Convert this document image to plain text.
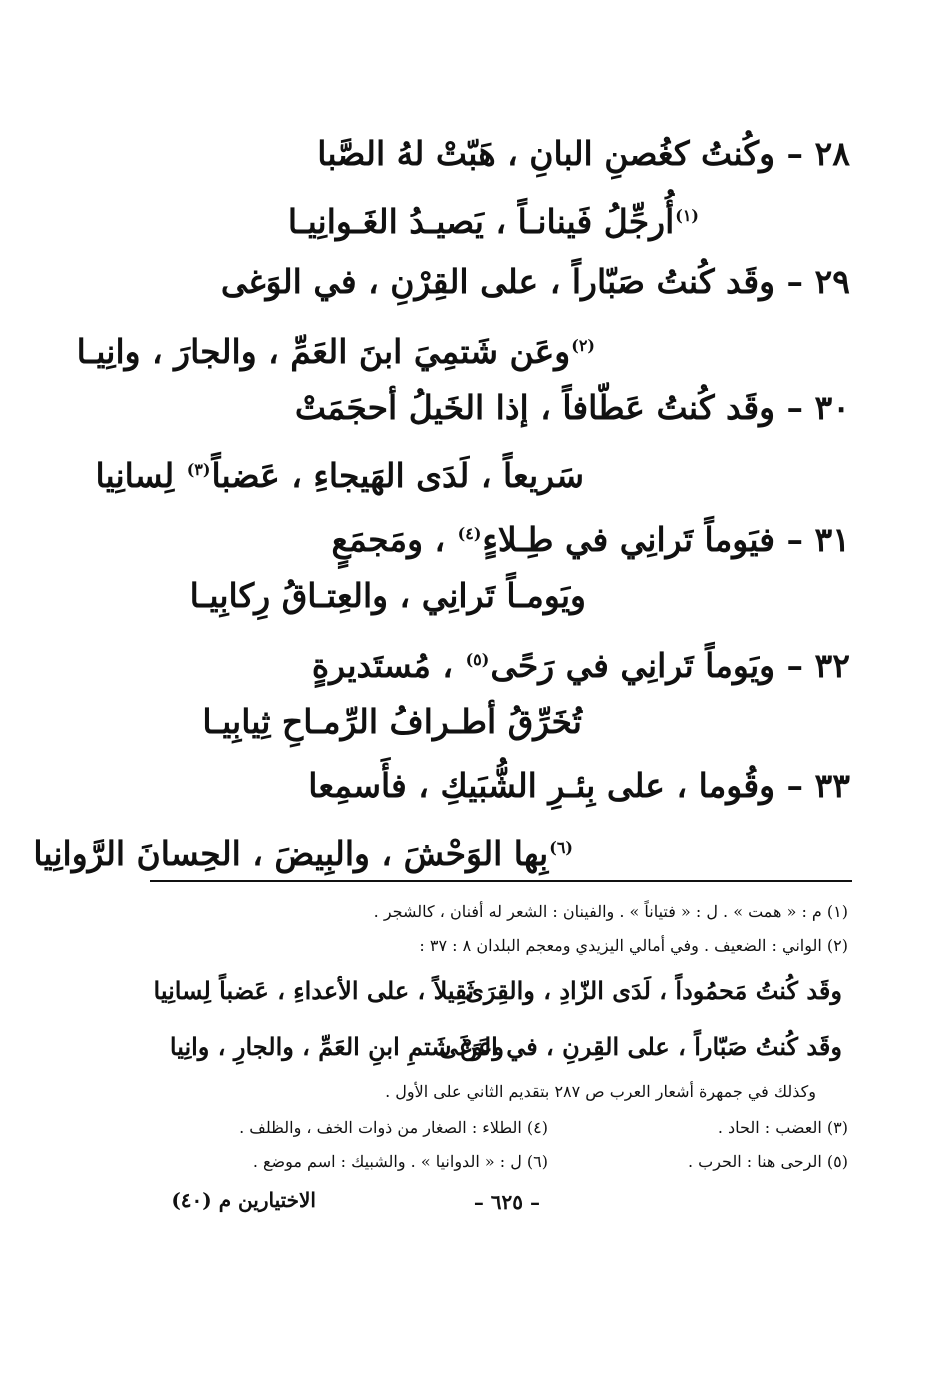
٢٨ – وكُنتُ كغُصنِ البانِ ، هَبّتْ لهُ الصَّبا
$^{(١)}$أُرجِّلُ فَينانـاً ، يَصيـدُ الغَـوانِيـا
٢٩ – وقَد كُنتُ صَبّاراً ، على القِرْنِ ، في الوَغى
$^{(٢)}$وعَن شَتمِيَ ابنَ العَمِّ ، والجارَ ، وانِيـا
٣٠ – وقَد كُنتُ عَطّافاً ، إذا الخَيلُ أحجَمَتْ
سَريعاً ، لَدَى الهَيجاءِ ، عَضباً$^{(٣)}$ لِسانِيا
٣١ – فيَوماً تَرانِي في طِـلاءٍ$^{(٤)}$ ، ومَجمَعٍ
ويَومـاً تَرانِي ، والعِتـاقُ رِكابِيـا
٣٢ – ويَوماً تَرانِي في رَحًى$^{(٥)}$ ، مُستَديرةٍ
تُخَرِّقُ أطـرافُ الرِّمـاحِ ثِيابِيـا
٣٣ – وقُوما ، على بِئـرِ الشُّبَيكِ ، فأَسمِعا
$^{(٦)}$بِها الوَحْشَ ، والبِيضَ ، الحِسانَ الرَّوانِيا
(١) م : « همت » . ل : « فتياناً » . والفينان : الشعر له أفنان ، كالشجر .
(٢) الواني : الضعيف . وفي أمالي اليزيدي ومعجم البلدان ٨ : ٣٧ :
وقَد كُنتُ مَحمُوداً ، لَدَى الزّادِ ، والقِرَى
ثَقِيلاً ، على الأعداءِ ، عَضباً لِسانِيا
وقَد كُنتُ صَبّاراً ، على القِرنِ ، في الوَغَى
وعَنْ شَتمِ ابنِ العَمِّ ، والجارِ ، وانِيا
وكذلك في جمهرة أشعار العرب ص ٢٨٧ بتقديم الثاني على الأول .
(٣) العضب : الحاد .
(٤) الطلاء : الصغار من ذوات الخف ، والظلف .
(٥) الرحى هنا : الحرب .
(٦) ل : « الدوانيا » . والشبيك : اسم موضع .
– ٦٢٥ –
الاختيارين م (٤٠)
